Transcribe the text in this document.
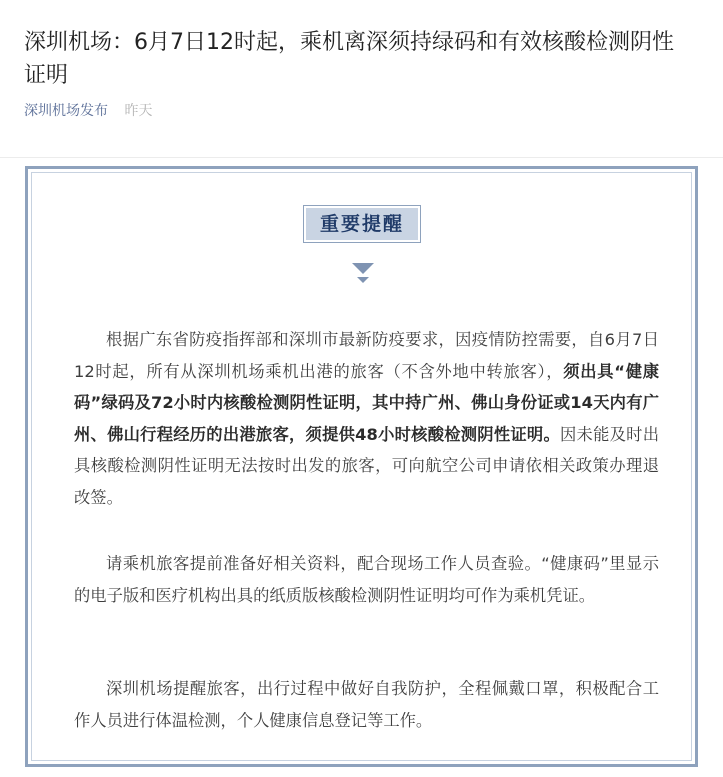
深圳机场：6月7日12时起，乘机离深须持绿码和有效核酸检测阴性证明
深圳机场发布 昨天
重要提醒

根据广东省防疫指挥部和深圳市最新防疫要求，因疫情防控需要，自6月7日12时起，所有从深圳机场乘机出港的旅客（不含外地中转旅客），须出具“健康码”绿码及72小时内核酸检测阴性证明，其中持广州、佛山身份证或14天内有广州、佛山行程经历的出港旅客，须提供48小时核酸检测阴性证明。因未能及时出具核酸检测阴性证明无法按时出发的旅客，可向航空公司申请依相关政策办理退改签。

请乘机旅客提前准备好相关资料，配合现场工作人员查验。“健康码”里显示的电子版和医疗机构出具的纸质版核酸检测阴性证明均可作为乘机凭证。

深圳机场提醒旅客，出行过程中做好自我防护，全程佩戴口罩，积极配合工作人员进行体温检测，个人健康信息登记等工作。
